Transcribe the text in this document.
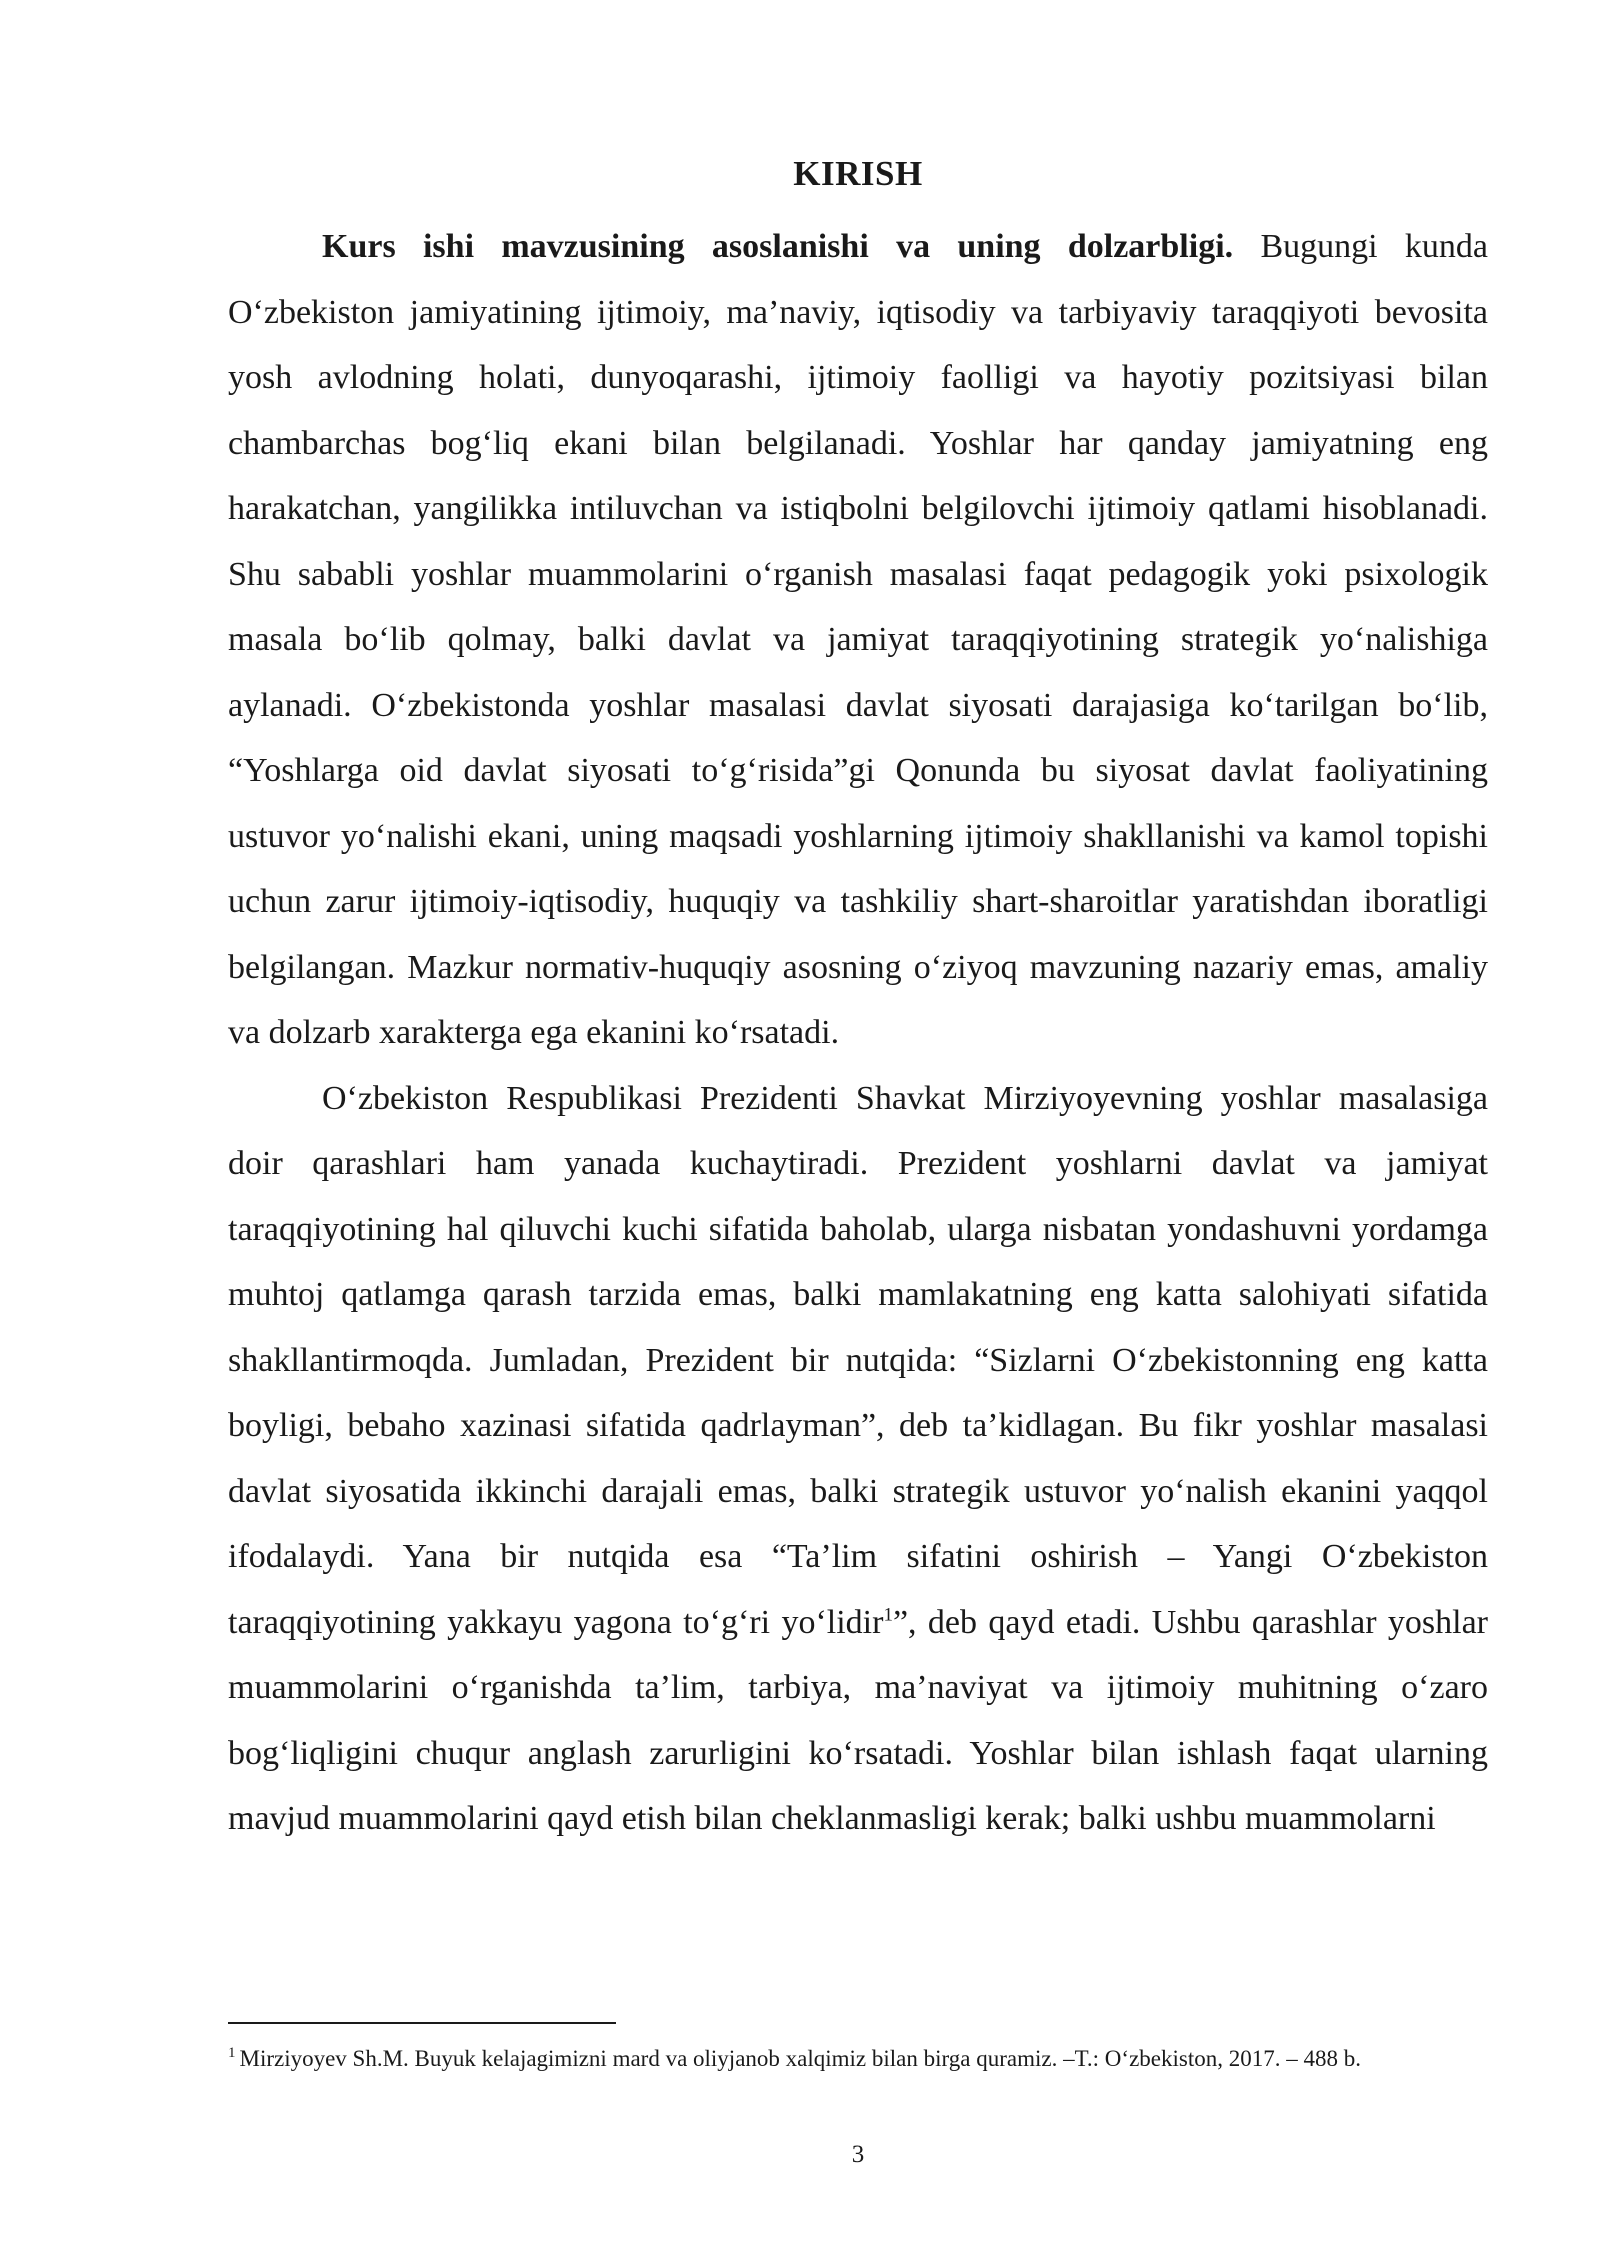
KIRISH

Kurs ishi mavzusining asoslanishi va uning dolzarbligi. Bugungi kunda O‘zbekiston jamiyatining ijtimoiy, ma’naviy, iqtisodiy va tarbiyaviy taraqqiyoti bevosita yosh avlodning holati, dunyoqarashi, ijtimoiy faolligi va hayotiy pozitsiyasi bilan chambarchas bog‘liq ekani bilan belgilanadi. Yoshlar har qanday jamiyatning eng harakatchan, yangilikka intiluvchan va istiqbolni belgilovchi ijtimoiy qatlami hisoblanadi. Shu sababli yoshlar muammolarini o‘rganish masalasi faqat pedagogik yoki psixologik masala bo‘lib qolmay, balki davlat va jamiyat taraqqiyotining strategik yo‘nalishiga aylanadi. O‘zbekistonda yoshlar masalasi davlat siyosati darajasiga ko‘tarilgan bo‘lib, “Yoshlarga oid davlat siyosati to‘g‘risida”gi Qonunda bu siyosat davlat faoliyatining ustuvor yo‘nalishi ekani, uning maqsadi yoshlarning ijtimoiy shakllanishi va kamol topishi uchun zarur ijtimoiy-iqtisodiy, huquqiy va tashkiliy shart-sharoitlar yaratishdan iboratligi belgilangan. Mazkur normativ-huquqiy asosning o‘ziyoq mavzuning nazariy emas, amaliy va dolzarb xarakterga ega ekanini ko‘rsatadi.

O‘zbekiston Respublikasi Prezidenti Shavkat Mirziyoyevning yoshlar masalasiga doir qarashlari ham yanada kuchaytiradi. Prezident yoshlarni davlat va jamiyat taraqqiyotining hal qiluvchi kuchi sifatida baholab, ularga nisbatan yondashuvni yordamga muhtoj qatlamga qarash tarzida emas, balki mamlakatning eng katta salohiyati sifatida shakllantirmoqda. Jumladan, Prezident bir nutqida: “Sizlarni O‘zbekistonning eng katta boyligi, bebaho xazinasi sifatida qadrlayman”, deb ta’kidlagan. Bu fikr yoshlar masalasi davlat siyosatida ikkinchi darajali emas, balki strategik ustuvor yo‘nalish ekanini yaqqol ifodalaydi. Yana bir nutqida esa “Ta’lim sifatini oshirish – Yangi O‘zbekiston taraqqiyotining yakkayu yagona to‘g‘ri yo‘lidir$^1$”, deb qayd etadi. Ushbu qarashlar yoshlar muammolarini o‘rganishda ta’lim, tarbiya, ma’naviyat va ijtimoiy muhitning o‘zaro bog‘liqligini chuqur anglash zarurligini ko‘rsatadi. Yoshlar bilan ishlash faqat ularning mavjud muammolarini qayd etish bilan cheklanmasligi kerak; balki ushbu muammolarni

$^1$ Mirziyoyev Sh.M. Buyuk kelajagimizni mard va oliyjanob xalqimiz bilan birga quramiz. –T.: O‘zbekiston, 2017. – 488 b.
3
